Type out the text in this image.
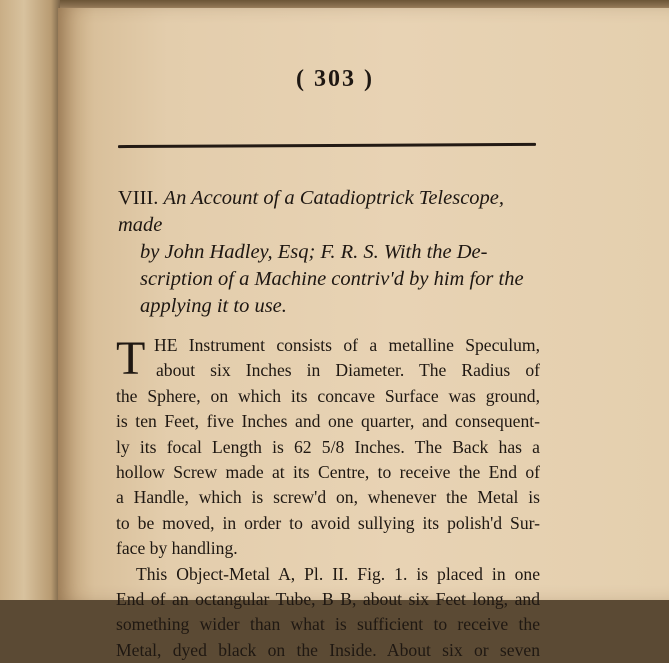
( 303 )
VIII. An Account of a Catadioptrick Telescope, made
by John Hadley, Esq; F. R. S. With the De-
scription of a Machine contriv'd by him for the
applying it to use.
T HE Instrument consists of a metalline Speculum,
about six Inches in Diameter. The Radius of
the Sphere, on which its concave Surface was ground,
is ten Feet, five Inches and one quarter, and consequent-
ly its focal Length is 62 5/8 Inches. The Back has a
hollow Screw made at its Centre, to receive the End of
a Handle, which is screw'd on, whenever the Metal is
to be moved, in order to avoid sullying its polish'd Sur-
face by handling.
This Object-Metal A, Pl. II. Fig. 1. is placed in one
End of an octangular Tube, B B, about six Feet long, and
something wider than what is sufficient to receive the
Metal, dyed black on the Inside. About six or seven
